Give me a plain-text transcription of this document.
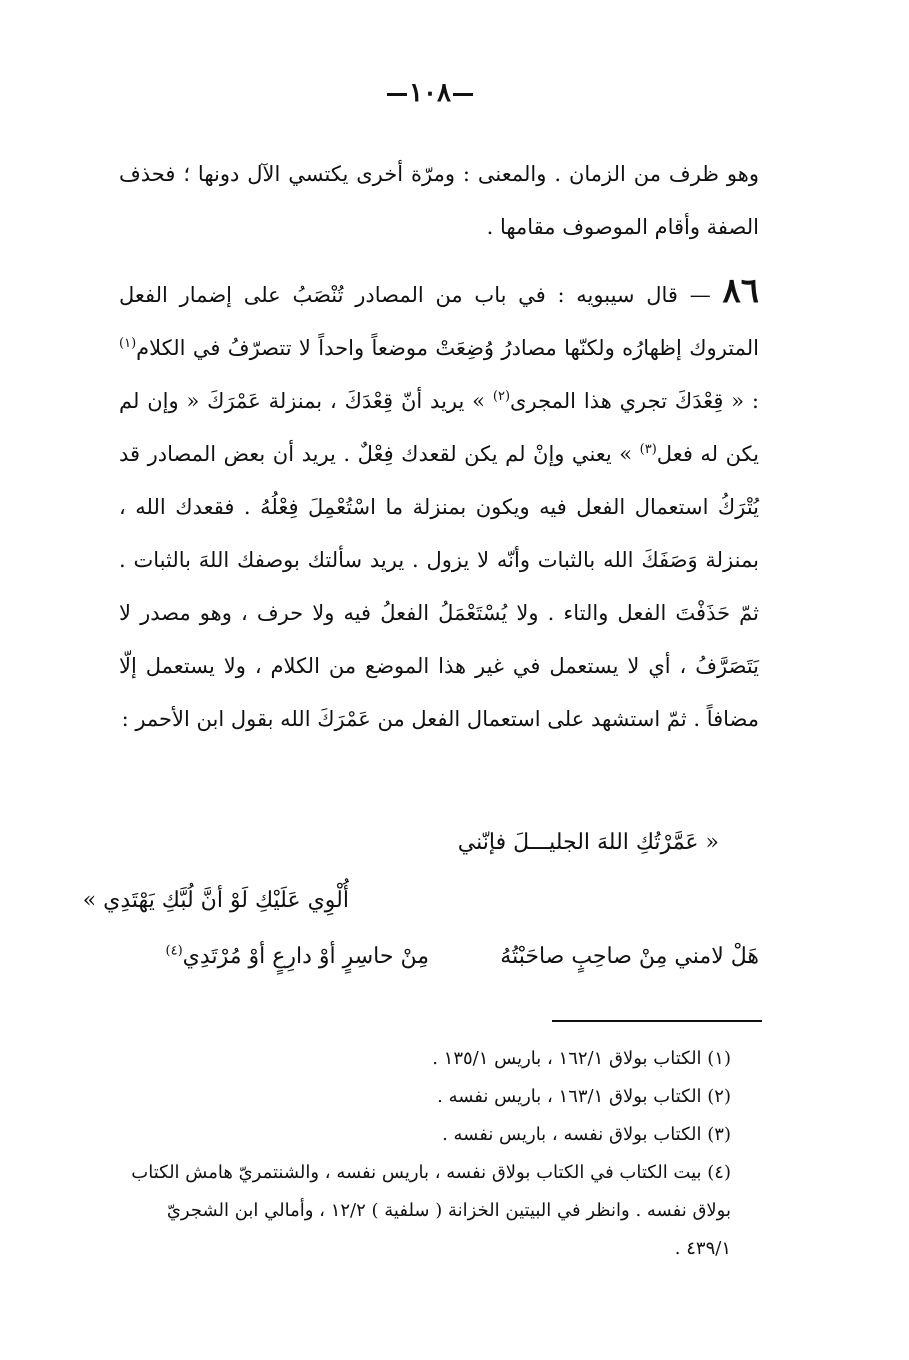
١٠٨
وهو ظرف من الزمان . والمعنى : ومرّة أخرى يكتسي الآل دونها ؛ فحذف الصفة وأقام الموصوف مقامها .
٨٦ — قال سيبويه : في باب من المصادر تُنْصَبُ على إضمار الفعل المتروك إظهارُه ولكنّها مصادرُ وُضِعَتْ موضعاً واحداً لا تتصرّفُ في الكلام$^{(١)}$ : « قِعْدَكَ تجري هذا المجرى$^{(٢)}$ » يريد أنّ قِعْدَكَ ، بمنزلة عَمْرَكَ « وإن لم يكن له فعل$^{(٣)}$ » يعني وإنْ لم يكن لقعدك فِعْلٌ . يريد أن بعض المصادر قد يُتْرَكُ استعمال الفعل فيه ويكون بمنزلة ما اسْتُعْمِلَ فِعْلُهُ . فقعدك الله ، بمنزلة وَصَفَكَ الله بالثبات وأنّه لا يزول . يريد سألتك بوصفك اللهَ بالثبات . ثمّ حَذَفْتَ الفعل والتاء . ولا يُسْتَعْمَلُ الفعلُ فيه ولا حرف ، وهو مصدر لا يَتَصَرَّفُ ، أي لا يستعمل في غير هذا الموضع من الكلام ، ولا يستعمل إلّا مضافاً . ثمّ استشهد على استعمال الفعل من عَمْرَكَ الله بقول ابن الأحمر :
« عَمَّرْتُكِ اللهَ الجليـــلَ فإنّني
أُلْوِي عَلَيْكِ لَوْ أنَّ لُبَّكِ يَهْتَدِي »
هَلْ لامني مِنْ صاحِبٍ صاحَبْتُهُ
مِنْ حاسِرٍ أوْ دارِعٍ أوْ مُرْتَدِي$^{(٤)}$

(١) الكتاب بولاق ١٦٢/١ ، باريس ١٣٥/١ .

(٢) الكتاب بولاق ١٦٣/١ ، باريس نفسه .

(٣) الكتاب بولاق نفسه ، باريس نفسه .

(٤) بيت الكتاب في الكتاب بولاق نفسه ، باريس نفسه ، والشنتمريّ هامش الكتاب بولاق نفسه . وانظر في البيتين الخزانة ( سلفية ) ١٢/٢ ، وأمالي ابن الشجريّ ٤٣٩/١ .
